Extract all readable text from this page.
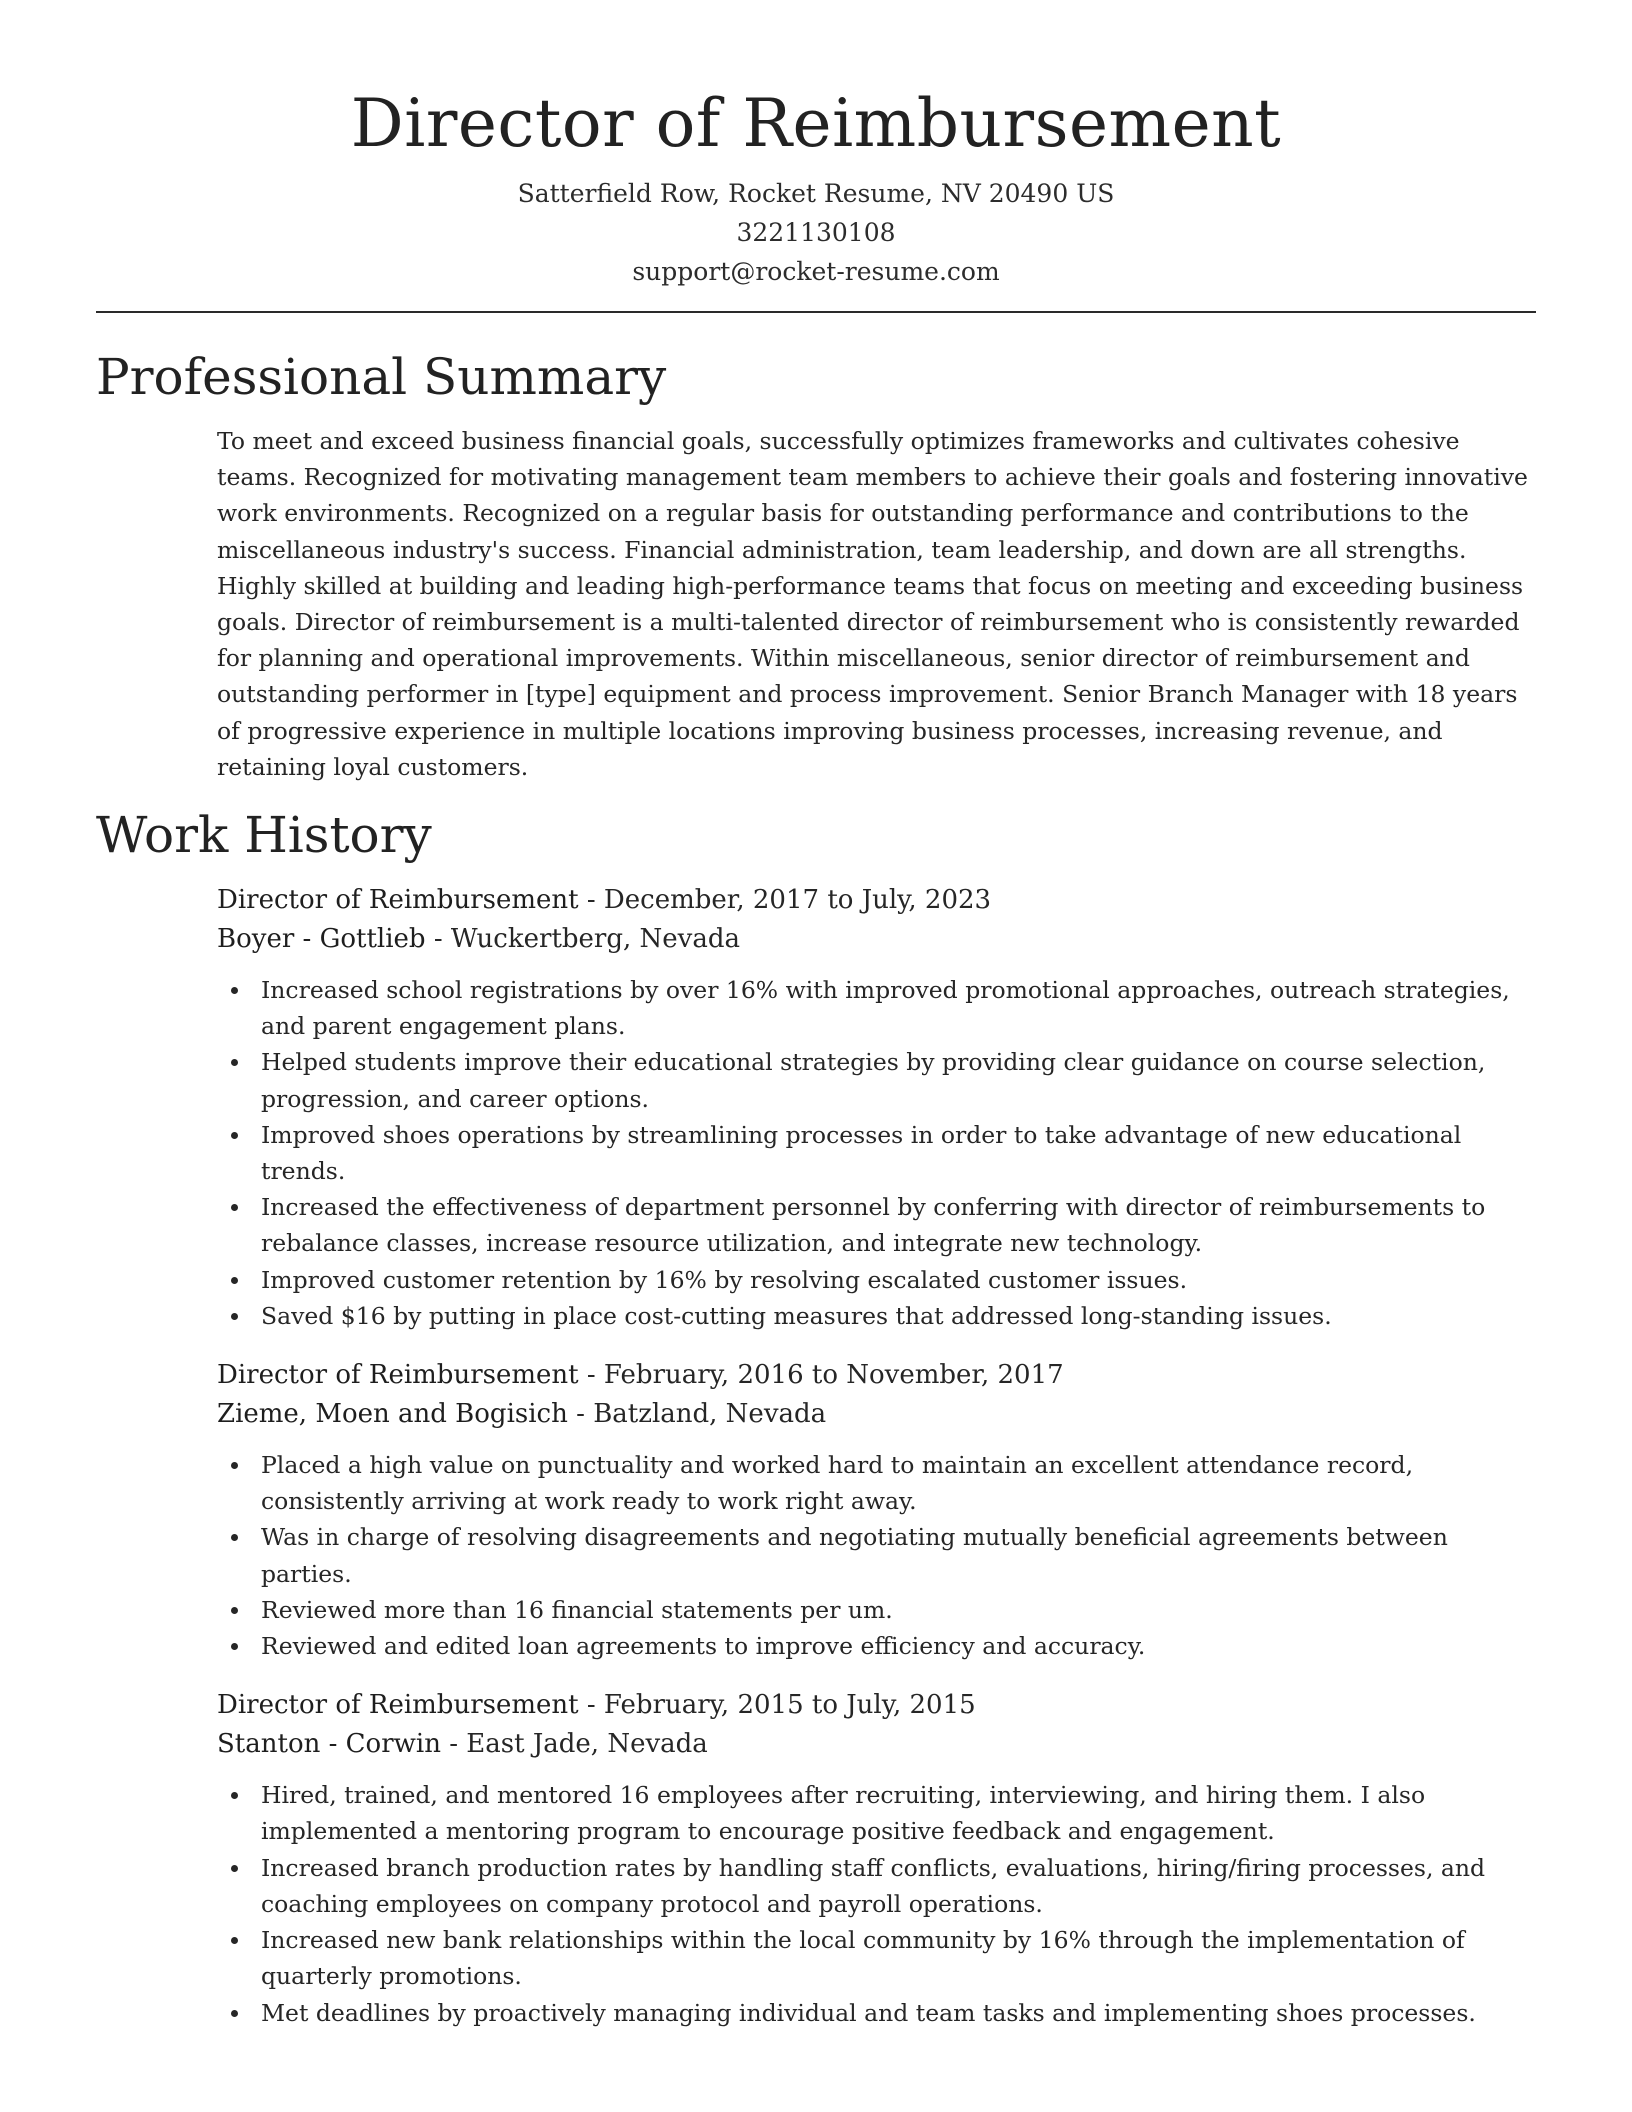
Director of Reimbursement
Satterfield Row, Rocket Resume, NV 20490 US
3221130108
support@rocket-resume.com
Professional Summary

To meet and exceed business financial goals, successfully optimizes frameworks and cultivates cohesive teams. Recognized for motivating management team members to achieve their goals and fostering innovative work environments. Recognized on a regular basis for outstanding performance and contributions to the miscellaneous industry's success. Financial administration, team leadership, and down are all strengths. Highly skilled at building and leading high-performance teams that focus on meeting and exceeding business goals. Director of reimbursement is a multi-talented director of reimbursement who is consistently rewarded for planning and operational improvements. Within miscellaneous, senior director of reimbursement and outstanding performer in [type] equipment and process improvement. Senior Branch Manager with 18 years of progressive experience in multiple locations improving business processes, increasing revenue, and retaining loyal customers.

Work History
Director of Reimbursement - December, 2017 to July, 2023
Boyer - Gottlieb - Wuckertberg, Nevada
Increased school registrations by over 16% with improved promotional approaches, outreach strategies, and parent engagement plans.
Helped students improve their educational strategies by providing clear guidance on course selection, progression, and career options.
Improved shoes operations by streamlining processes in order to take advantage of new educational trends.
Increased the effectiveness of department personnel by conferring with director of reimbursements to rebalance classes, increase resource utilization, and integrate new technology.
Improved customer retention by 16% by resolving escalated customer issues.
Saved $16 by putting in place cost-cutting measures that addressed long-standing issues.
Director of Reimbursement - February, 2016 to November, 2017
Zieme, Moen and Bogisich - Batzland, Nevada
Placed a high value on punctuality and worked hard to maintain an excellent attendance record, consistently arriving at work ready to work right away.
Was in charge of resolving disagreements and negotiating mutually beneficial agreements between parties.
Reviewed more than 16 financial statements per um.
Reviewed and edited loan agreements to improve efficiency and accuracy.
Director of Reimbursement - February, 2015 to July, 2015
Stanton - Corwin - East Jade, Nevada
Hired, trained, and mentored 16 employees after recruiting, interviewing, and hiring them. I also implemented a mentoring program to encourage positive feedback and engagement.
Increased branch production rates by handling staff conflicts, evaluations, hiring/firing processes, and coaching employees on company protocol and payroll operations.
Increased new bank relationships within the local community by 16% through the implementation of quarterly promotions.
Met deadlines by proactively managing individual and team tasks and implementing shoes processes.
